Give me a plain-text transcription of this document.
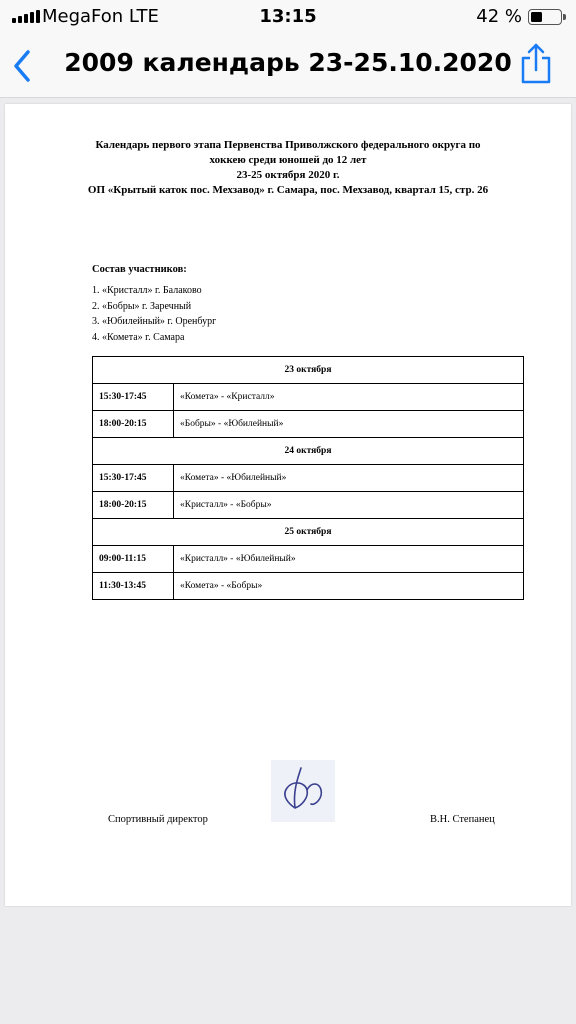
MegaFon LTE	13:15	42 %
2009 календарь 23-25.10.2020
Календарь первого этапа Первенства Приволжского федерального округа по
хоккею среди юношей до 12 лет
23-25 октября 2020 г.
ОП «Крытый каток пос. Мехзавод» г. Самара, пос. Мехзавод, квартал 15, стр. 26
Состав участников:
1. «Кристалл» г. Балаково
2. «Бобры» г. Заречный
3. «Юбилейный» г. Оренбург
4. «Комета» г. Самара
23 октября	
15:30-17:45	«Комета» - «Кристалл»
18:00-20:15	«Бобры» - «Юбилейный»
24 октября	
15:30-17:45	«Комета» - «Юбилейный»
18:00-20:15	«Кристалл» - «Бобры»
25 октября	
09:00-11:15	«Кристалл» - «Юбилейный»
11:30-13:45	«Комета» - «Бобры»
Спортивный директор	В.Н. Степанец
